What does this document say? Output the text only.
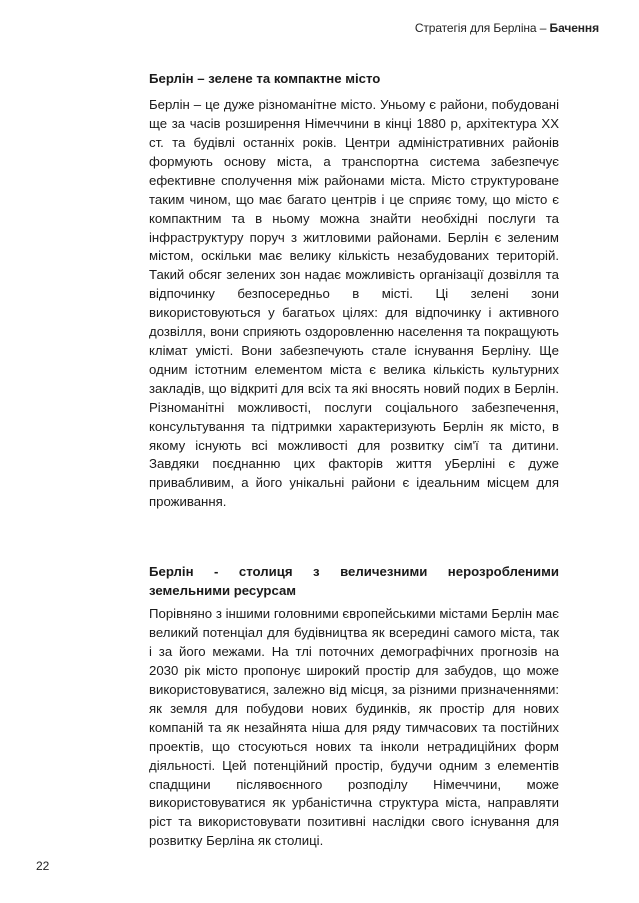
Стратегія для Берліна – Бачення
Берлін – зелене та компактне місто

Берлін – це дуже різноманітне місто. Уньому є райони, побудовані ще за часів розширення Німеччини в кінці 1880 р, архітектура XX ст. та будівлі останніх років. Центри адміністративних районів формують основу міста, а транспортна система забезпечує ефективне сполучення між районами міста. Місто структуроване таким чином, що має багато центрів і це сприяє тому, що місто є компактним та в ньому можна знайти необхідні послуги та інфраструктуру поруч з житловими районами. Берлін є зеленим містом, оскільки має велику кількість незабудованих територій. Такий обсяг зелених зон надає можливість організації дозвілля та відпочинку безпосередньо в місті. Ці зелені зони використовуються у багатьох цілях: для відпочинку і активного дозвілля, вони сприяють оздоровленню населення та покращують клімат умісті. Вони забезпечують стале існування Берліну. Ще одним істотним елементом міста є велика кількість культурних закладів, що відкриті для всіх та які вносять новий подих в Берлін. Різноманітні можливості, послуги соціального забезпечення, консультування та підтримки характеризують Берлін як місто, в якому існують всі можливості для розвитку сім'ї та дитини. Завдяки поєднанню цих факторів життя уБерліні є дуже привабливим, а його унікальні райони є ідеальним місцем для проживання.

Берлін - столиця з величезними нерозробленими земельними ресурсам

Порівняно з іншими головними європейськими містами Берлін має великий потенціал для будівництва як всередині самого міста, так і за його межами. На тлі поточних демографічних прогнозів на 2030 рік місто пропонує широкий простір для забудов, що може використовуватися, залежно від місця, за різними призначеннями: як земля для побудови нових будинків, як простір для нових компаній та як незайнята ніша для ряду тимчасових та постійних проектів, що стосуються нових та інколи нетрадиційних форм діяльності. Цей потенційний простір, будучи одним з елементів спадщини післявоєнного розподілу Німеччини, може використовуватися як урбаністична структура міста, направляти ріст та використовувати позитивні наслідки свого існування для розвитку Берліна як столиці.

22
